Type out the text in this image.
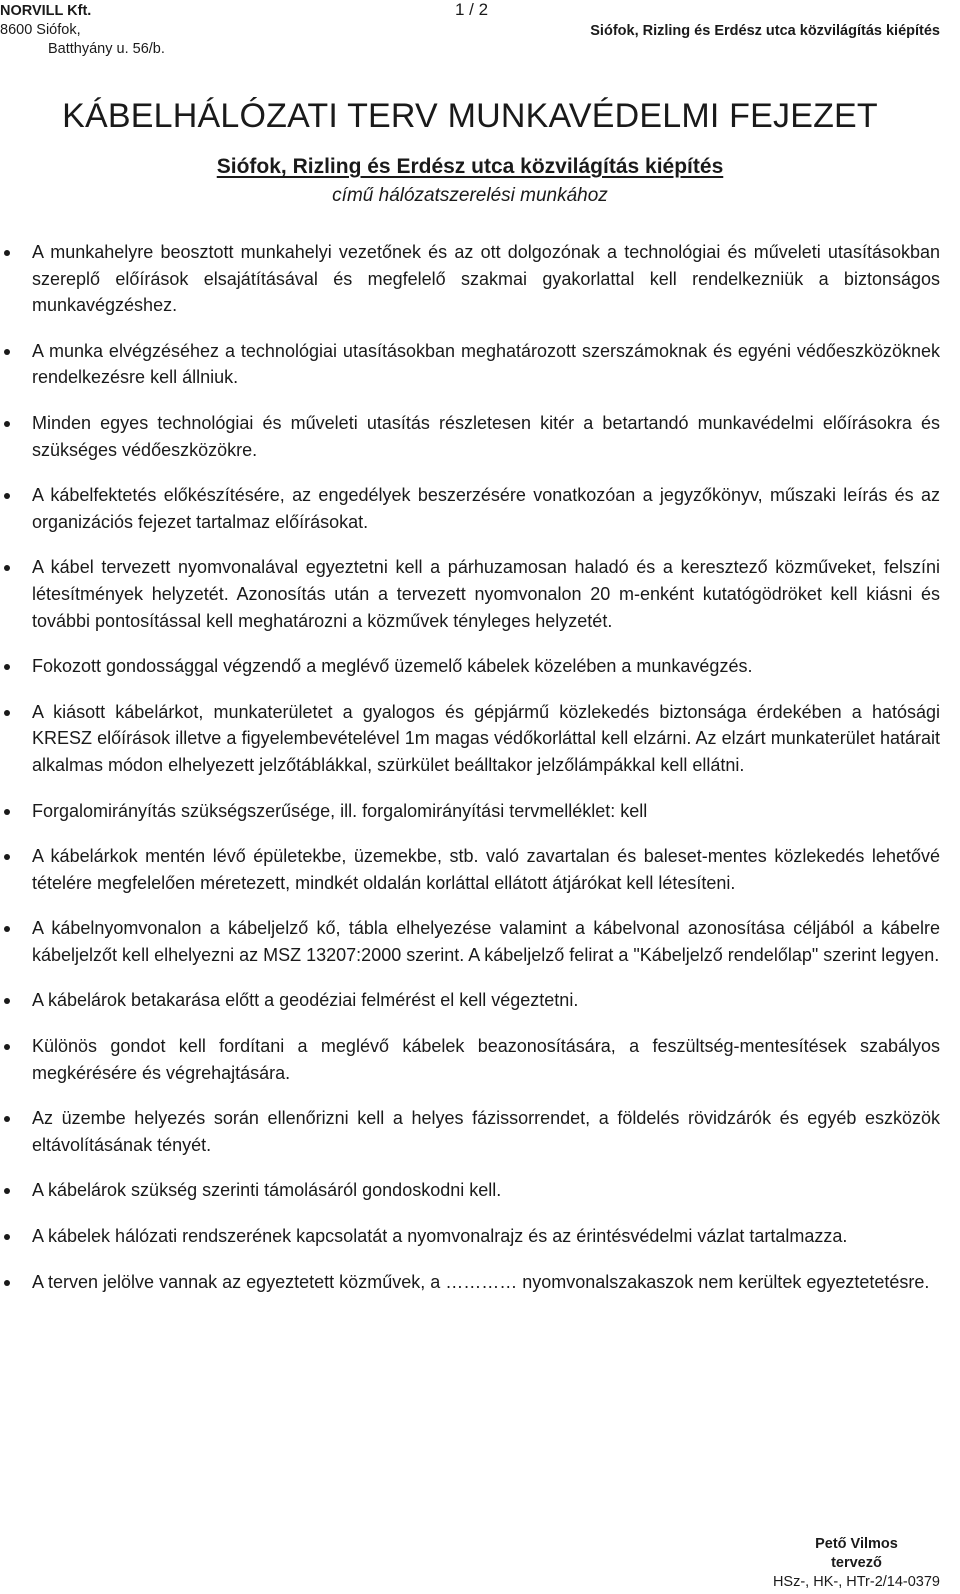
NORVILL Kft.
8600 Siófok,
Batthyány u. 56/b.
1 / 2
Siófok, Rizling és Erdész utca közvilágítás kiépítés
KÁBELHÁLÓZATI TERV MUNKAVÉDELMI FEJEZET
Siófok, Rizling és Erdész utca közvilágítás kiépítés
című hálózatszerelési munkához
A munkahelyre beosztott munkahelyi vezetőnek és az ott dolgozónak a technológiai és műveleti utasításokban szereplő előírások elsajátításával és megfelelő szakmai gyakorlattal kell rendelkezniük a biztonságos munkavégzéshez.
A munka elvégzéséhez a technológiai utasításokban meghatározott szerszámoknak és egyéni védőeszközöknek rendelkezésre kell állniuk.
Minden egyes technológiai és műveleti utasítás részletesen kitér a betartandó munkavédelmi előírásokra és szükséges védőeszközökre.
A kábelfektetés előkészítésére, az engedélyek beszerzésére vonatkozóan a jegyzőkönyv, műszaki leírás és az organizációs fejezet tartalmaz előírásokat.
A kábel tervezett nyomvonalával egyeztetni kell a párhuzamosan haladó és a keresztező közműveket, felszíni létesítmények helyzetét. Azonosítás után a tervezett nyomvonalon 20 m-enként kutatógödröket kell kiásni és további pontosítással kell meghatározni a közművek tényleges helyzetét.
Fokozott gondossággal végzendő a meglévő üzemelő kábelek közelében a munkavégzés.
A kiásott kábelárkot, munkaterületet a gyalogos és gépjármű közlekedés biztonsága érdekében a hatósági KRESZ előírások illetve a figyelembevételével 1m magas védőkorláttal kell elzárni. Az elzárt munkaterület határait alkalmas módon elhelyezett jelzőtáblákkal, szürkület beálltakor jelzőlámpákkal kell ellátni.
Forgalomirányítás szükségszerűsége, ill. forgalomirányítási tervmelléklet: kell
A kábelárkok mentén lévő épületekbe, üzemekbe, stb. való zavartalan és baleset-mentes közlekedés lehetővé tételére megfelelően méretezett, mindkét oldalán korláttal ellátott átjárókat kell létesíteni.
A kábelnyomvonalon a kábeljelző kő, tábla elhelyezése valamint a kábelvonal azonosítása céljából a kábelre kábeljelzőt kell elhelyezni az MSZ 13207:2000 szerint. A kábeljelző felirat a "Kábeljelző rendelőlap" szerint legyen.
A kábelárok betakarása előtt a geodéziai felmérést el kell végeztetni.
Különös gondot kell fordítani a meglévő kábelek beazonosítására, a feszültség-mentesítések szabályos megkérésére és végrehajtására.
Az üzembe helyezés során ellenőrizni kell a helyes fázissorrendet, a földelés rövidzárók és egyéb eszközök eltávolításának tényét.
A kábelárok szükség szerinti támolásáról gondoskodni kell.
A kábelek hálózati rendszerének kapcsolatát a nyomvonalrajz és az érintésvédelmi vázlat tartalmazza.
A terven jelölve vannak az egyeztetett közművek, a ………… nyomvonalszakaszok nem kerültek egyeztetetésre.
Pető Vilmos
tervező
HSz-, HK-, HTr-2/14-0379
